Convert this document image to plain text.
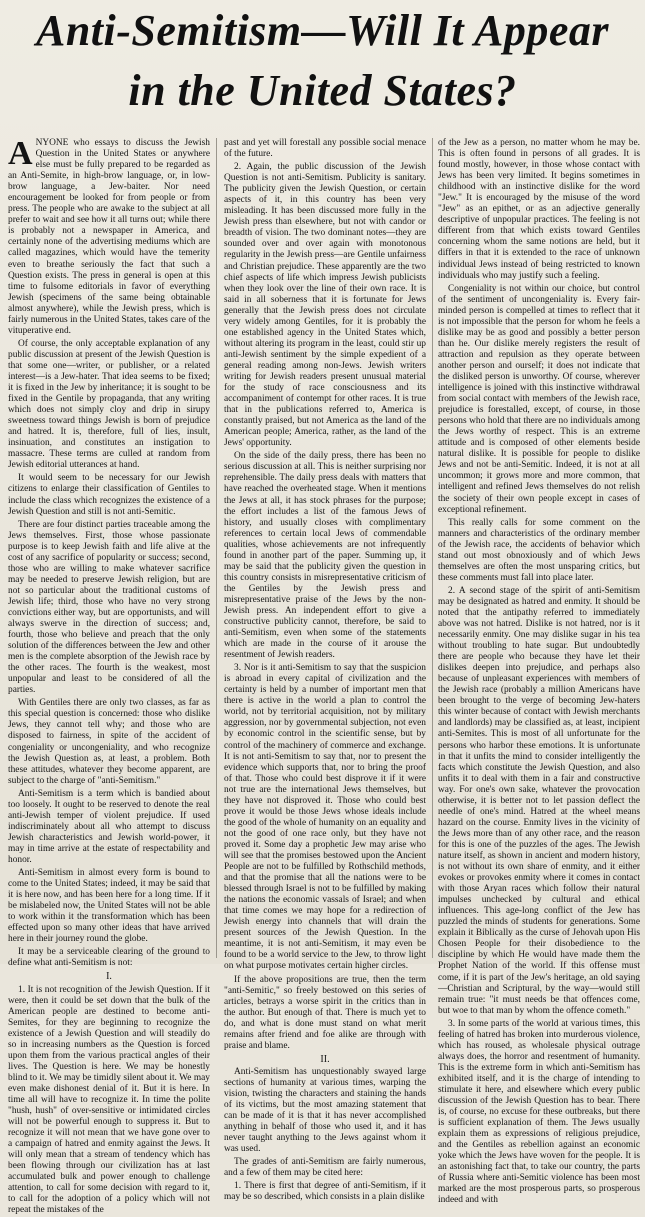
Anti-Semitism—Will It Appear
in the United States?

ANYONE who essays to discuss the Jewish Question in the United States or anywhere else must be fully prepared to be regarded as an Anti-Semite, in high-brow language, or, in low-brow language, a Jew-baiter. Nor need encouragement be looked for from people or from press. The people who are awake to the subject at all prefer to wait and see how it all turns out; while there is probably not a newspaper in America, and certainly none of the advertising mediums which are called magazines, which would have the temerity even to breathe seriously the fact that such a Question exists. The press in general is open at this time to fulsome editorials in favor of everything Jewish (specimens of the same being obtainable almost anywhere), while the Jewish press, which is fairly numerous in the United States, takes care of the vituperative end.

Of course, the only acceptable explanation of any public discussion at present of the Jewish Question is that some one—writer, or publisher, or a related interest—is a Jew-hater. That idea seems to be fixed; it is fixed in the Jew by inheritance; it is sought to be fixed in the Gentile by propaganda, that any writing which does not simply cloy and drip in sirupy sweetness toward things Jewish is born of prejudice and hatred. It is, therefore, full of lies, insult, insinuation, and constitutes an instigation to massacre. These terms are culled at random from Jewish editorial utterances at hand.

It would seem to be necessary for our Jewish citizens to enlarge their classification of Gentiles to include the class which recognizes the existence of a Jewish Question and still is not anti-Semitic.

There are four distinct parties traceable among the Jews themselves. First, those whose passionate purpose is to keep Jewish faith and life alive at the cost of any sacrifice of popularity or success; second, those who are willing to make whatever sacrifice may be needed to preserve Jewish religion, but are not so particular about the traditional customs of Jewish life; third, those who have no very strong convictions either way, but are opportunists, and will always swerve in the direction of success; and, fourth, those who believe and preach that the only solution of the differences between the Jew and other men is the complete absorption of the Jewish race by the other races. The fourth is the weakest, most unpopular and least to be considered of all the parties.

With Gentiles there are only two classes, as far as this special question is concerned: those who dislike Jews, they cannot tell why; and those who are disposed to fairness, in spite of the accident of congeniality or uncongeniality, and who recognize the Jewish Question as, at least, a problem. Both these attitudes, whatever they become apparent, are subject to the charge of "anti-Semitism."

Anti-Semitism is a term which is bandied about too loosely. It ought to be reserved to denote the real anti-Jewish temper of violent prejudice. If used indiscriminately about all who attempt to discuss Jewish characteristics and Jewish world-power, it may in time arrive at the estate of respectability and honor.

Anti-Semitism in almost every form is bound to come to the United States; indeed, it may be said that it is here now, and has been here for a long time. If it be mislabeled now, the United States will not be able to work within it the transformation which has been effected upon so many other ideas that have arrived here in their journey round the globe.

It may be a serviceable clearing of the ground to define what anti-Semitism is not:

I.

1. It is not recognition of the Jewish Question. If it were, then it could be set down that the bulk of the American people are destined to become anti-Semites, for they are beginning to recognize the existence of a Jewish Question and will steadily do so in increasing numbers as the Question is forced upon them from the various practical angles of their lives. The Question is here. We may be honestly blind to it. We may be timidly silent about it. We may even make dishonest denial of it. But it is here. In time all will have to recognize it. In time the polite "hush, hush" of over-sensitive or intimidated circles will not be powerful enough to suppress it. But to recognize it will not mean that we have gone over to a campaign of hatred and enmity against the Jews. It will only mean that a stream of tendency which has been flowing through our civilization has at last accumulated bulk and power enough to challenge attention, to call for some decision with regard to it, to call for the adoption of a policy which will not repeat the mistakes of the

past and yet will forestall any possible social menace of the future.

2. Again, the public discussion of the Jewish Question is not anti-Semitism. Publicity is sanitary. The publicity given the Jewish Question, or certain aspects of it, in this country has been very misleading. It has been discussed more fully in the Jewish press than elsewhere, but not with candor or breadth of vision. The two dominant notes—they are sounded over and over again with monotonous regularity in the Jewish press—are Gentile unfairness and Christian prejudice. These apparently are the two chief aspects of life which impress Jewish publicists when they look over the line of their own race. It is said in all soberness that it is fortunate for Jews generally that the Jewish press does not circulate very widely among Gentiles, for it is probably the one established agency in the United States which, without altering its program in the least, could stir up anti-Jewish sentiment by the simple expedient of a general reading among non-Jews. Jewish writers writing for Jewish readers present unusual material for the study of race consciousness and its accompaniment of contempt for other races. It is true that in the publications referred to, America is constantly praised, but not America as the land of the American people; America, rather, as the land of the Jews' opportunity.

On the side of the daily press, there has been no serious discussion at all. This is neither surprising nor reprehensible. The daily press deals with matters that have reached the overheated stage. When it mentions the Jews at all, it has stock phrases for the purpose; the effort includes a list of the famous Jews of history, and usually closes with complimentary references to certain local Jews of commendable qualities, whose achievements are not infrequently found in another part of the paper. Summing up, it may be said that the publicity given the question in this country consists in misrepresentative criticism of the Gentiles by the Jewish press and misrepresentative praise of the Jews by the non-Jewish press. An independent effort to give a constructive publicity cannot, therefore, be said to anti-Semitism, even when some of the statements which are made in the course of it arouse the resentment of Jewish readers.

3. Nor is it anti-Semitism to say that the suspicion is abroad in every capital of civilization and the certainty is held by a number of important men that there is active in the world a plan to control the world, not by territorial acquisition, not by military aggression, nor by governmental subjection, not even by economic control in the scientific sense, but by control of the machinery of commerce and exchange. It is not anti-Semitism to say that, nor to present the evidence which supports that, nor to bring the proof of that. Those who could best disprove it if it were not true are the international Jews themselves, but they have not disproved it. Those who could best prove it would be those Jews whose ideals include the good of the whole of humanity on an equality and not the good of one race only, but they have not proved it. Some day a prophetic Jew may arise who will see that the promises bestowed upon the Ancient People are not to be fulfilled by Rothschild methods, and that the promise that all the nations were to be blessed through Israel is not to be fulfilled by making the nations the economic vassals of Israel; and when that time comes we may hope for a redirection of Jewish energy into channels that will drain the present sources of the Jewish Question. In the meantime, it is not anti-Semitism, it may even be found to be a world service to the Jew, to throw light on what purpose motivates certain higher circles.

If the above propositions are true, then the term "anti-Semitic," so freely bestowed on this series of articles, betrays a worse spirit in the critics than in the author. But enough of that. There is much yet to do, and what is done must stand on what merit remains after friend and foe alike are through with praise and blame.

II.

Anti-Semitism has unquestionably swayed large sections of humanity at various times, warping the vision, twisting the characters and staining the hands of its victims, but the most amazing statement that can be made of it is that it has never accomplished anything in behalf of those who used it, and it has never taught anything to the Jews against whom it was used.

The grades of anti-Semitism are fairly numerous, and a few of them may be cited here:

1. There is first that degree of anti-Semitism, if it may be so described, which consists in a plain dislike

of the Jew as a person, no matter whom he may be. This is often found in persons of all grades. It is found mostly, however, in those whose contact with Jews has been very limited. It begins sometimes in childhood with an instinctive dislike for the word "Jew." It is encouraged by the misuse of the word "Jew" as an epithet, or as an adjective generally descriptive of unpopular practices. The feeling is not different from that which exists toward Gentiles concerning whom the same notions are held, but it differs in that it is extended to the race of unknown individual Jews instead of being restricted to known individuals who may justify such a feeling.

Congeniality is not within our choice, but control of the sentiment of uncongeniality is. Every fair-minded person is compelled at times to reflect that it is not impossible that the person for whom he feels a dislike may be as good and possibly a better person than he. Our dislike merely registers the result of attraction and repulsion as they operate between another person and ourself; it does not indicate that the disliked person is unworthy. Of course, wherever intelligence is joined with this instinctive withdrawal from social contact with members of the Jewish race, prejudice is forestalled, except, of course, in those persons who hold that there are no individuals among the Jews worthy of respect. This is an extreme attitude and is composed of other elements beside natural dislike. It is possible for people to dislike Jews and not be anti-Semitic. Indeed, it is not at all uncommon; it grows more and more common, that intelligent and refined Jews themselves do not relish the society of their own people except in cases of exceptional refinement.

This really calls for some comment on the manners and characteristics of the ordinary member of the Jewish race, the accidents of behavior which stand out most obnoxiously and of which Jews themselves are often the most unsparing critics, but these comments must fall into place later.

2. A second stage of the spirit of anti-Semitism may be designated as hatred and enmity. It should be noted that the antipathy referred to immediately above was not hatred. Dislike is not hatred, nor is it necessarily enmity. One may dislike sugar in his tea without troubling to hate sugar. But undoubtedly there are people who because they have let their dislikes deepen into prejudice, and perhaps also because of unpleasant experiences with members of the Jewish race (probably a million Americans have been brought to the verge of becoming Jew-haters this winter because of contact with Jewish merchants and landlords) may be classified as, at least, incipient anti-Semites. This is most of all unfortunate for the persons who harbor these emotions. It is unfortunate in that it unfits the mind to consider intelligently the facts which constitute the Jewish Question, and also unfits it to deal with them in a fair and constructive way. For one's own sake, whatever the provocation otherwise, it is better not to let passion deflect the needle of one's mind. Hatred at the wheel means hazard on the course. Enmity lives in the vicinity of the Jews more than of any other race, and the reason for this is one of the puzzles of the ages. The Jewish nature itself, as shown in ancient and modern history, is not without its own share of enmity, and it either evokes or provokes enmity where it comes in contact with those Aryan races which follow their natural impulses unchecked by cultural and ethical influences. This age-long conflict of the Jew has puzzled the minds of students for generations. Some explain it Biblically as the curse of Jehovah upon His Chosen People for their disobedience to the discipline by which He would have made them the Prophet Nation of the world. If this offense must come, if it is part of the Jew's heritage, an old saying—Christian and Scriptural, by the way—would still remain true: "it must needs be that offences come, but woe to that man by whom the offence cometh."

3. In some parts of the world at various times, this feeling of hatred has broken into murderous violence, which has roused, as wholesale physical outrage always does, the horror and resentment of humanity. This is the extreme form in which anti-Semitism has exhibited itself, and it is the charge of intending to stimulate it here, and elsewhere which every public discussion of the Jewish Question has to bear. There is, of course, no excuse for these outbreaks, but there is sufficient explanation of them. The Jews usually explain them as expressions of religious prejudice, and the Gentiles as rebellion against an economic yoke which the Jews have woven for the people. It is an astonishing fact that, to take our country, the parts of Russia where anti-Semitic violence has been most marked are the most prosperous parts, so prosperous indeed and with
